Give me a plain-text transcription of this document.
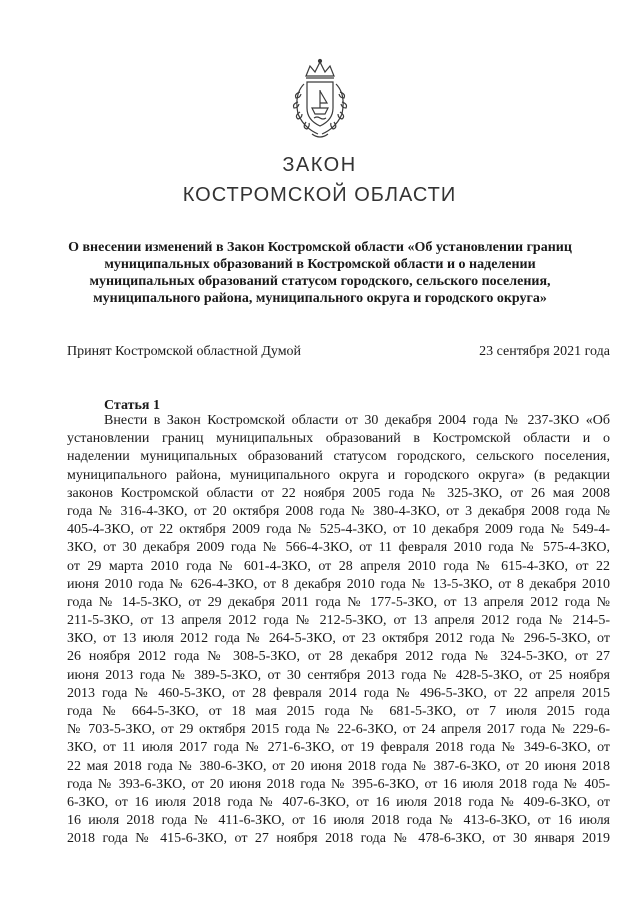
ЗАКОН
КОСТРОМСКОЙ ОБЛАСТИ
О внесении изменений в Закон Костромской области «Об установлении границ
муниципальных образований в Костромской области и о наделении
муниципальных образований статусом городского, сельского поселения,
муниципального района, муниципального округа и городского округа»
Принят Костромской областной Думой	23 сентября 2021 года
Статья 1
Внести в Закон Костромской области от 30 декабря 2004 года № 237-ЗКО «Об
установлении границ муниципальных образований в Костромской области и о
наделении муниципальных образований статусом городского, сельского поселения,
муниципального района, муниципального округа и городского округа» (в редакции
законов Костромской области от 22 ноября 2005 года № 325-ЗКО, от 26 мая 2008
года № 316-4-ЗКО, от 20 октября 2008 года № 380-4-ЗКО, от 3 декабря 2008 года №
405-4-ЗКО, от 22 октября 2009 года № 525-4-ЗКО, от 10 декабря 2009 года № 549-4-
ЗКО, от 30 декабря 2009 года № 566-4-ЗКО, от 11 февраля 2010 года № 575-4-ЗКО,
от 29 марта 2010 года № 601-4-ЗКО, от 28 апреля 2010 года № 615-4-ЗКО, от 22
июня 2010 года № 626-4-ЗКО, от 8 декабря 2010 года № 13-5-ЗКО, от 8 декабря 2010
года № 14-5-ЗКО, от 29 декабря 2011 года № 177-5-ЗКО, от 13 апреля 2012 года №
211-5-ЗКО, от 13 апреля 2012 года № 212-5-ЗКО, от 13 апреля 2012 года № 214-5-
ЗКО, от 13 июля 2012 года № 264-5-ЗКО, от 23 октября 2012 года № 296-5-ЗКО, от
26 ноября 2012 года № 308-5-ЗКО, от 28 декабря 2012 года № 324-5-ЗКО, от 27
июня 2013 года № 389-5-ЗКО, от 30 сентября 2013 года № 428-5-ЗКО, от 25 ноября
2013 года № 460-5-ЗКО, от 28 февраля 2014 года № 496-5-ЗКО, от 22 апреля 2015
года № 664-5-ЗКО, от 18 мая 2015 года № 681-5-ЗКО, от 7 июля 2015 года
№ 703-5-ЗКО, от 29 октября 2015 года № 22-6-ЗКО, от 24 апреля 2017 года № 229-6-
ЗКО, от 11 июля 2017 года № 271-6-ЗКО, от 19 февраля 2018 года № 349-6-ЗКО, от
22 мая 2018 года № 380-6-ЗКО, от 20 июня 2018 года № 387-6-ЗКО, от 20 июня 2018
года № 393-6-ЗКО, от 20 июня 2018 года № 395-6-ЗКО, от 16 июля 2018 года № 405-
6-ЗКО, от 16 июля 2018 года № 407-6-ЗКО, от 16 июля 2018 года № 409-6-ЗКО, от
16 июля 2018 года № 411-6-ЗКО, от 16 июля 2018 года № 413-6-ЗКО, от 16 июля
2018 года № 415-6-ЗКО, от 27 ноября 2018 года № 478-6-ЗКО, от 30 января 2019
